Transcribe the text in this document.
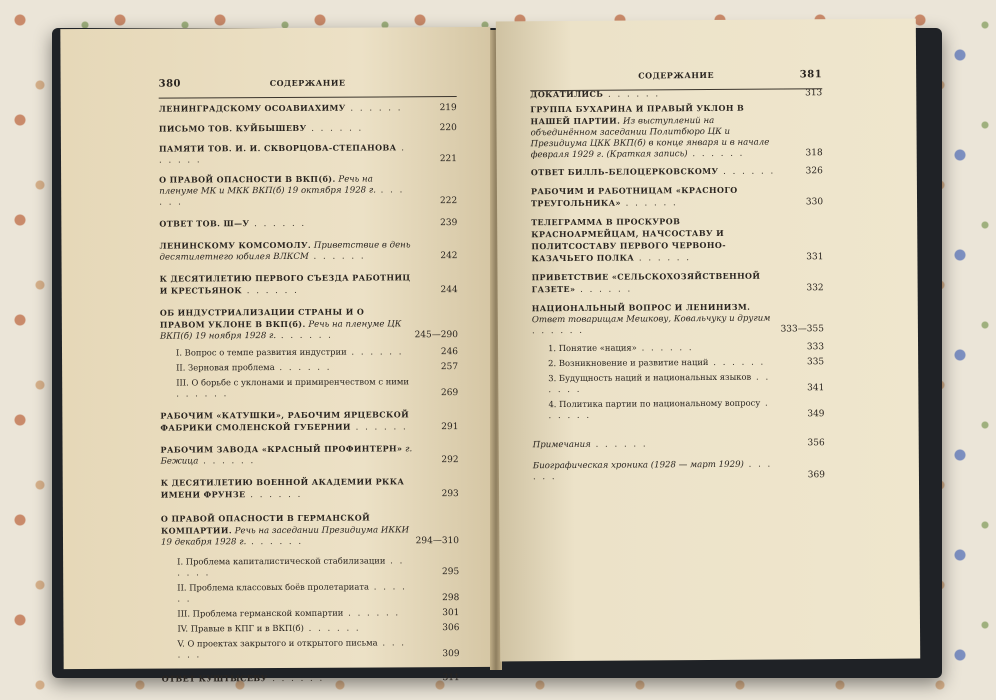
380	СОДЕРЖАНИЕ
ЛЕНИНГРАДСКОМУ ОСОАВИАХИМУ . . . . . .	219
ПИСЬМО ТОВ. КУЙБЫШЕВУ . . . . . .	220
ПАМЯТИ ТОВ. И. И. СКВОРЦОВА-СТЕПАНОВА . . . . . .	221
О ПРАВОЙ ОПАСНОСТИ В ВКП(б). Речь на пленуме МК и МКК ВКП(б) 19 октября 1928 г. . . . . . .	222
ОТВЕТ ТОВ. Ш—У . . . . . .	239
ЛЕНИНСКОМУ КОМСОМОЛУ. Приветствие в день десятилетнего юбилея ВЛКСМ . . . . . .	242
К ДЕСЯТИЛЕТИЮ ПЕРВОГО СЪЕЗДА РАБОТНИЦ И КРЕСТЬЯНОК . . . . . .	244
ОБ ИНДУСТРИАЛИЗАЦИИ СТРАНЫ И О ПРАВОМ УКЛОНЕ В ВКП(б). Речь на пленуме ЦК ВКП(б) 19 ноября 1928 г. . . . . . .	245—290
I. Вопрос о темпе развития индустрии . . . . . .	246
II. Зерновая проблема . . . . . .	257
III. О борьбе с уклонами и примиренчеством с ними . . . . . .	269
РАБОЧИМ «КАТУШКИ», РАБОЧИМ ЯРЦЕВСКОЙ ФАБРИКИ СМОЛЕНСКОЙ ГУБЕРНИИ . . . . . .	291
РАБОЧИМ ЗАВОДА «КРАСНЫЙ ПРОФИНТЕРН» г. Бежица . . . . . .	292
К ДЕСЯТИЛЕТИЮ ВОЕННОЙ АКАДЕМИИ РККА ИМЕНИ ФРУНЗЕ . . . . . .	293
О ПРАВОЙ ОПАСНОСТИ В ГЕРМАНСКОЙ КОМПАРТИИ. Речь на заседании Президиума ИККИ 19 декабря 1928 г. . . . . . .	294—310
I. Проблема капиталистической стабилизации . . . . . .	295
II. Проблема классовых боёв пролетариата . . . . . .	298
III. Проблема германской компартии . . . . . .	301
IV. Правые в КПГ и в ВКП(б) . . . . . .	306
V. О проектах закрытого и открытого письма . . . . . .	309
ОТВЕТ КУШТЫСЕВУ . . . . . .	311
СОДЕРЖАНИЕ	381
ДОКАТИЛИСЬ . . . . . .	313
ГРУППА БУХАРИНА И ПРАВЫЙ УКЛОН В НАШЕЙ ПАРТИИ. Из выступлений на объединённом заседании Политбюро ЦК и Президиума ЦКК ВКП(б) в конце января и в начале февраля 1929 г. (Краткая запись) . . . . . .	318
ОТВЕТ БИЛЛЬ-БЕЛОЦЕРКОВСКОМУ . . . . . .	326
РАБОЧИМ И РАБОТНИЦАМ «КРАСНОГО ТРЕУГОЛЬНИКА» . . . . . .	330
ТЕЛЕГРАММА В ПРОСКУРОВ КРАСНОАРМЕЙЦАМ, НАЧСОСТАВУ И ПОЛИТСОСТАВУ ПЕРВОГО ЧЕРВОНО-КАЗАЧЬЕГО ПОЛКА . . . . . .	331
ПРИВЕТСТВИЕ «СЕЛЬСКОХОЗЯЙСТВЕННОЙ ГАЗЕТЕ» . . . . . .	332
НАЦИОНАЛЬНЫЙ ВОПРОС И ЛЕНИНИЗМ. Ответ товарищам Мешкову, Ковальчуку и другим . . . . . .	333—355
1. Понятие «нация» . . . . . .	333
2. Возникновение и развитие наций . . . . . .	335
3. Будущность наций и национальных языков . . . . . .	341
4. Политика партии по национальному вопросу . . . . . .	349
Примечания . . . . . .	356
Биографическая хроника (1928 — март 1929) . . . . . .	369
